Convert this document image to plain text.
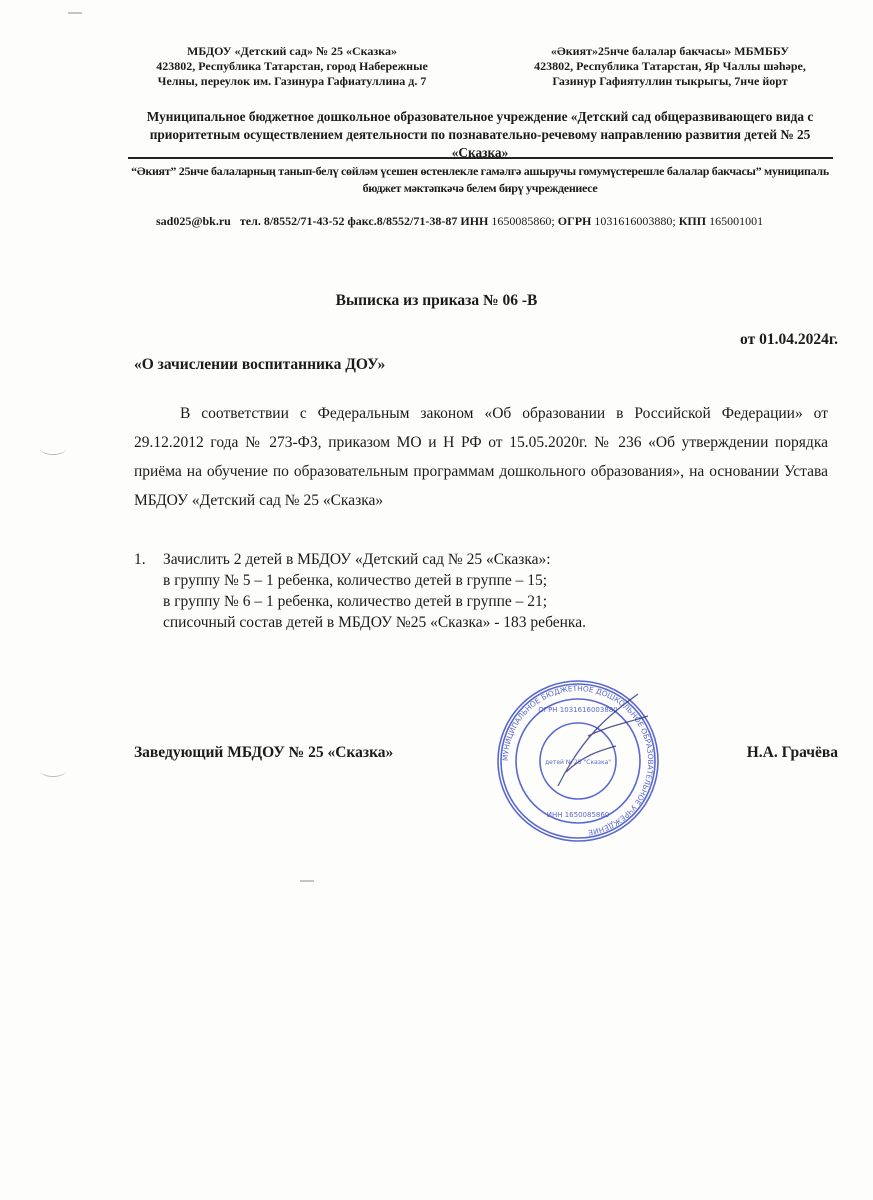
МБДОУ «Детский сад» № 25 «Сказка»
423802, Республика Татарстан, город Набережные
Челны, переулок им. Газинура Гафиатуллина д. 7
«Әкият»25нче балалар бакчасы» МБМББУ
423802, Республика Татарстан, Яр Чаллы шәһәре,
Газинур Гафиятуллин тыкрыгы, 7нче йорт
Муниципальное бюджетное дошкольное образовательное учреждение «Детский сад общеразвивающего вида с приоритетным осуществлением деятельности по познавательно-речевому направлению развития детей № 25 «Сказка»
“Әкият” 25нче балаларның танып-белү сөйләм үсешен өстенлекле гамәлгә ашыручы гомумүстерешле балалар бакчасы” муниципаль бюджет мәктәпкәчә белем бирү учреждениесе
sad025@bk.ru тел. 8/8552/71-43-52 факс.8/8552/71-38-87 ИНН 1650085860; ОГРН 1031616003880; КПП 165001001
Выписка из приказа № 06 -В
от 01.04.2024г.
«О зачислении воспитанника ДОУ»
В соответствии с Федеральным законом «Об образовании в Российской Федерации» от 29.12.2012 года № 273-ФЗ, приказом МО и Н РФ от 15.05.2020г. № 236 «Об утверждении порядка приёма на обучение по образовательным программам дошкольного образования», на основании Устава МБДОУ «Детский сад № 25 «Сказка»
1.	Зачислить 2 детей в МБДОУ «Детский сад № 25 «Сказка»:
в группу № 5 – 1 ребенка, количество детей в группе – 15;
в группу № 6 – 1 ребенка, количество детей в группе – 21;
списочный состав детей в МБДОУ №25 «Сказка» - 183 ребенка.
Заведующий МБДОУ № 25 «Сказка»	Н.А. Грачёва
МУНИЦИПАЛЬНОЕ БЮДЖЕТНОЕ ДОШКОЛЬНОЕ ОБРАЗОВАТЕЛЬНОЕ УЧРЕЖДЕНИЕ
ОГРН 1031616003880
ИНН 1650085860
детей № 25 "Сказка"
